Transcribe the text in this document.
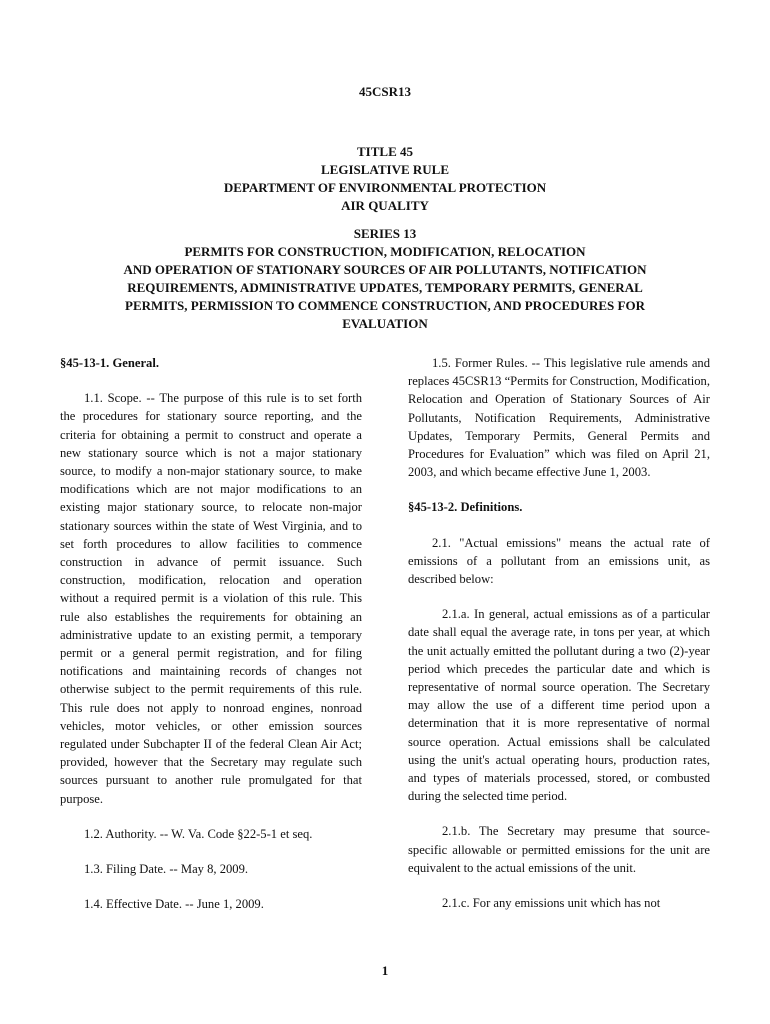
45CSR13
TITLE 45
LEGISLATIVE RULE
DEPARTMENT OF ENVIRONMENTAL PROTECTION
AIR QUALITY
SERIES 13
PERMITS FOR CONSTRUCTION, MODIFICATION, RELOCATION
AND OPERATION OF STATIONARY SOURCES OF AIR POLLUTANTS, NOTIFICATION
REQUIREMENTS, ADMINISTRATIVE UPDATES, TEMPORARY PERMITS, GENERAL
PERMITS, PERMISSION TO COMMENCE CONSTRUCTION, AND PROCEDURES FOR
EVALUATION
§45-13-1. General.
1.1. Scope. -- The purpose of this rule is to set forth the procedures for stationary source reporting, and the criteria for obtaining a permit to construct and operate a new stationary source which is not a major stationary source, to modify a non-major stationary source, to make modifications which are not major modifications to an existing major stationary source, to relocate non-major stationary sources within the state of West Virginia, and to set forth procedures to allow facilities to commence construction in advance of permit issuance. Such construction, modification, relocation and operation without a required permit is a violation of this rule. This rule also establishes the requirements for obtaining an administrative update to an existing permit, a temporary permit or a general permit registration, and for filing notifications and maintaining records of changes not otherwise subject to the permit requirements of this rule. This rule does not apply to nonroad engines, nonroad vehicles, motor vehicles, or other emission sources regulated under Subchapter II of the federal Clean Air Act; provided, however that the Secretary may regulate such sources pursuant to another rule promulgated for that purpose.
1.2. Authority. -- W. Va. Code §22-5-1 et seq.
1.3. Filing Date. -- May 8, 2009.
1.4. Effective Date. -- June 1, 2009.
1.5. Former Rules. -- This legislative rule amends and replaces 45CSR13 “Permits for Construction, Modification, Relocation and Operation of Stationary Sources of Air Pollutants, Notification Requirements, Administrative Updates, Temporary Permits, General Permits and Procedures for Evaluation” which was filed on April 21, 2003, and which became effective June 1, 2003.
§45-13-2. Definitions.
2.1. "Actual emissions" means the actual rate of emissions of a pollutant from an emissions unit, as described below:
2.1.a. In general, actual emissions as of a particular date shall equal the average rate, in tons per year, at which the unit actually emitted the pollutant during a two (2)-year period which precedes the particular date and which is representative of normal source operation. The Secretary may allow the use of a different time period upon a determination that it is more representative of normal source operation. Actual emissions shall be calculated using the unit's actual operating hours, production rates, and types of materials processed, stored, or combusted during the selected time period.
2.1.b. The Secretary may presume that source-specific allowable or permitted emissions for the unit are equivalent to the actual emissions of the unit.
2.1.c. For any emissions unit which has not
1
